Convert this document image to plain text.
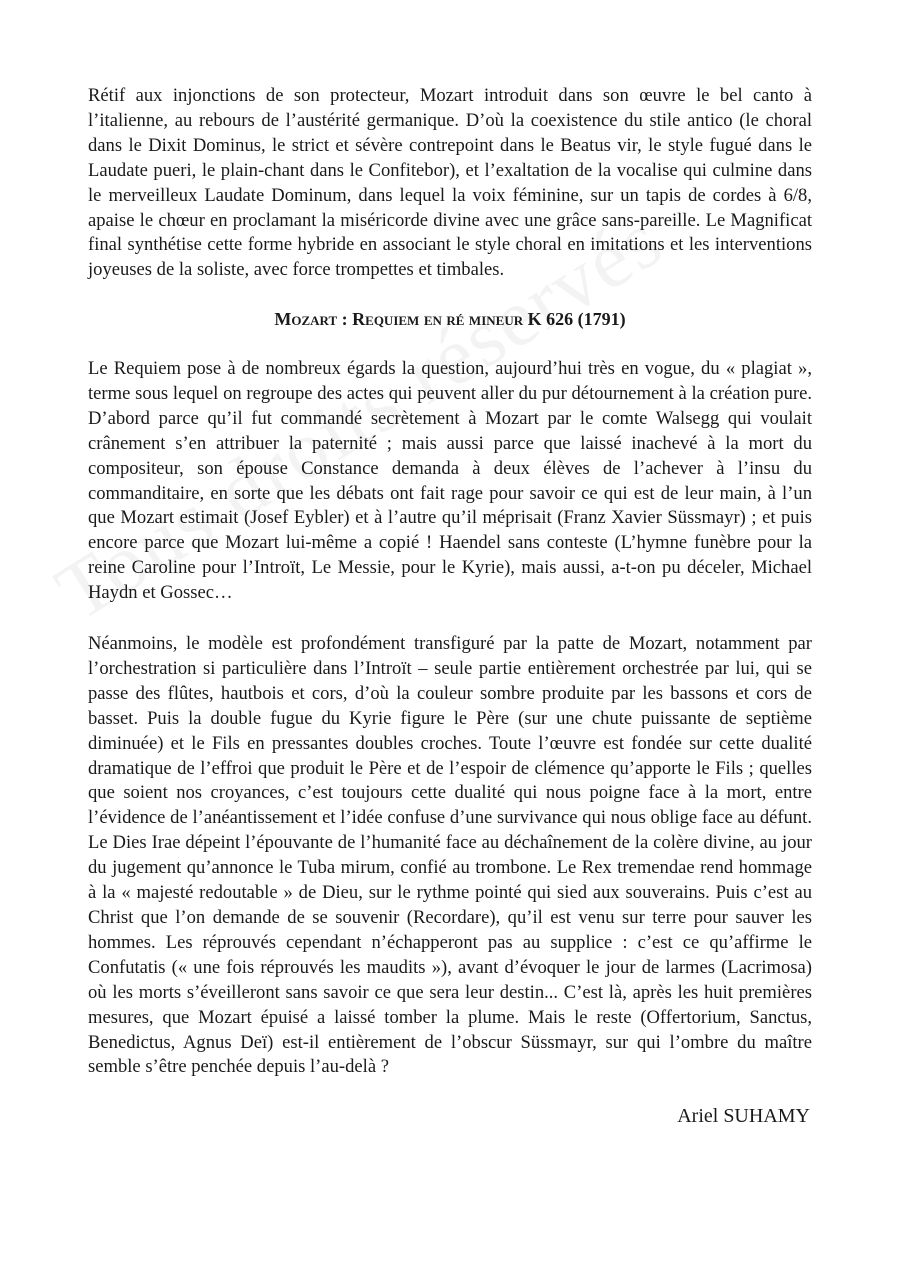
Rétif aux injonctions de son protecteur, Mozart introduit dans son œuvre le bel canto à l’italienne, au rebours de l’austérité germanique. D’où la coexistence du stile antico (le choral dans le Dixit Dominus, le strict et sévère contrepoint dans le Beatus vir, le style fugué dans le Laudate pueri, le plain-chant dans le Confitebor), et l’exaltation de la vocalise qui culmine dans le merveilleux Laudate Dominum, dans lequel la voix féminine, sur un tapis de cordes à 6/8, apaise le chœur en proclamant la miséricorde divine avec une grâce sans-pareille. Le Magnificat final synthétise cette forme hybride en associant le style choral en imitations et les interventions joyeuses de la soliste, avec force trompettes et timbales.

Mozart : Requiem en ré mineur K 626 (1791)

Le Requiem pose à de nombreux égards la question, aujourd’hui très en vogue, du « plagiat », terme sous lequel on regroupe des actes qui peuvent aller du pur détournement à la création pure. D’abord parce qu’il fut commandé secrètement à Mozart par le comte Walsegg qui voulait crânement s’en attribuer la paternité ; mais aussi parce que laissé inachevé à la mort du compositeur, son épouse Constance demanda à deux élèves de l’achever à l’insu du commanditaire, en sorte que les débats ont fait rage pour savoir ce qui est de leur main, à l’un que Mozart estimait (Josef Eybler) et à l’autre qu’il méprisait (Franz Xavier Süssmayr) ; et puis encore parce que Mozart lui-même a copié ! Haendel sans conteste (L’hymne funèbre pour la reine Caroline pour l’Introït, Le Messie, pour le Kyrie), mais aussi, a-t-on pu déceler, Michael Haydn et Gossec…

Néanmoins, le modèle est profondément transfiguré par la patte de Mozart, notamment par l’orchestration si particulière dans l’Introït – seule partie entièrement orchestrée par lui, qui se passe des flûtes, hautbois et cors, d’où la couleur sombre produite par les bassons et cors de basset. Puis la double fugue du Kyrie figure le Père (sur une chute puissante de septième diminuée) et le Fils en pressantes doubles croches. Toute l’œuvre est fondée sur cette dualité dramatique de l’effroi que produit le Père et de l’espoir de clémence qu’apporte le Fils ; quelles que soient nos croyances, c’est toujours cette dualité qui nous poigne face à la mort, entre l’évidence de l’anéantissement et l’idée confuse d’une survivance qui nous oblige face au défunt. Le Dies Irae dépeint l’épouvante de l’humanité face au déchaînement de la colère divine, au jour du jugement qu’annonce le Tuba mirum, confié au trombone. Le Rex tremendae rend hommage à la « majesté redoutable » de Dieu, sur le rythme pointé qui sied aux souverains. Puis c’est au Christ que l’on demande de se souvenir (Recordare), qu’il est venu sur terre pour sauver les hommes. Les réprouvés cependant n’échapperont pas au supplice : c’est ce qu’affirme le Confutatis (« une fois réprouvés les maudits »), avant d’évoquer le jour de larmes (Lacrimosa) où les morts s’éveilleront sans savoir ce que sera leur destin... C’est là, après les huit premières mesures, que Mozart épuisé a laissé tomber la plume. Mais le reste (Offertorium, Sanctus, Benedictus, Agnus Deï) est-il entièrement de l’obscur Süssmayr, sur qui l’ombre du maître semble s’être penchée depuis l’au-delà ?

Ariel SUHAMY
